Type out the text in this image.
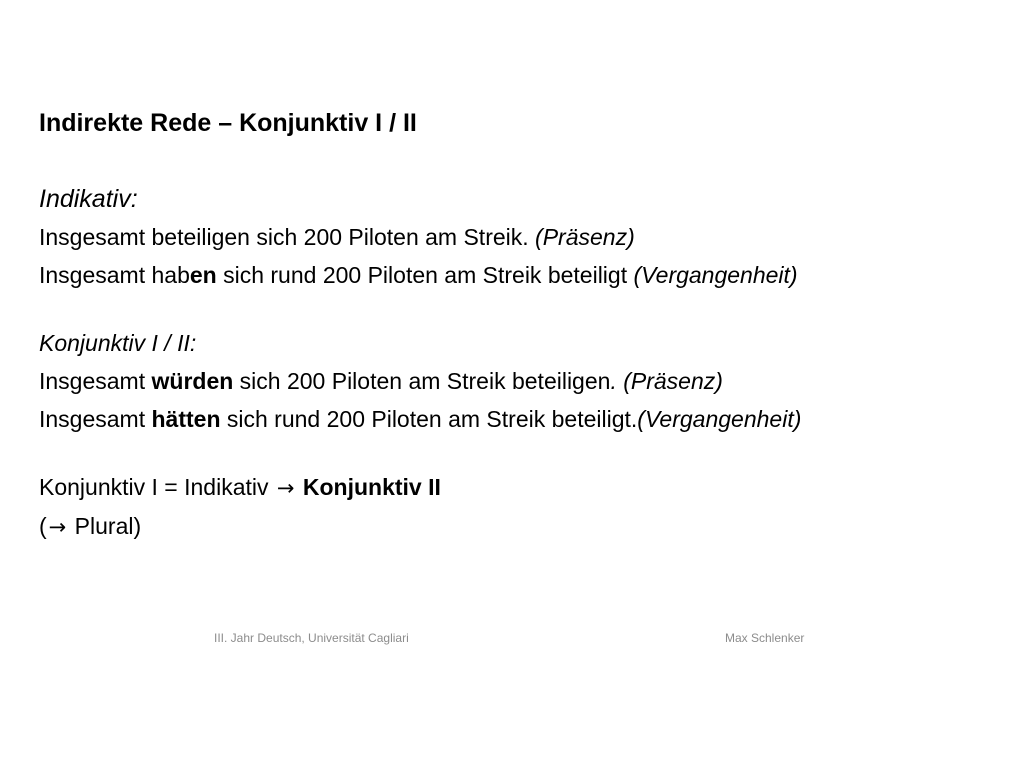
Indirekte Rede – Konjunktiv I / II
Indikativ:
Insgesamt beteiligen sich 200 Piloten am Streik. (Präsenz)
Insgesamt haben sich rund 200 Piloten am Streik beteiligt (Vergangenheit)
Konjunktiv I / II:
Insgesamt würden sich 200 Piloten am Streik beteiligen. (Präsenz)
Insgesamt hätten sich rund 200 Piloten am Streik beteiligt.(Vergangenheit)
Konjunktiv I = Indikativ → Konjunktiv II
(→ Plural)
III. Jahr Deutsch, Universität Cagliari	Max Schlenker
